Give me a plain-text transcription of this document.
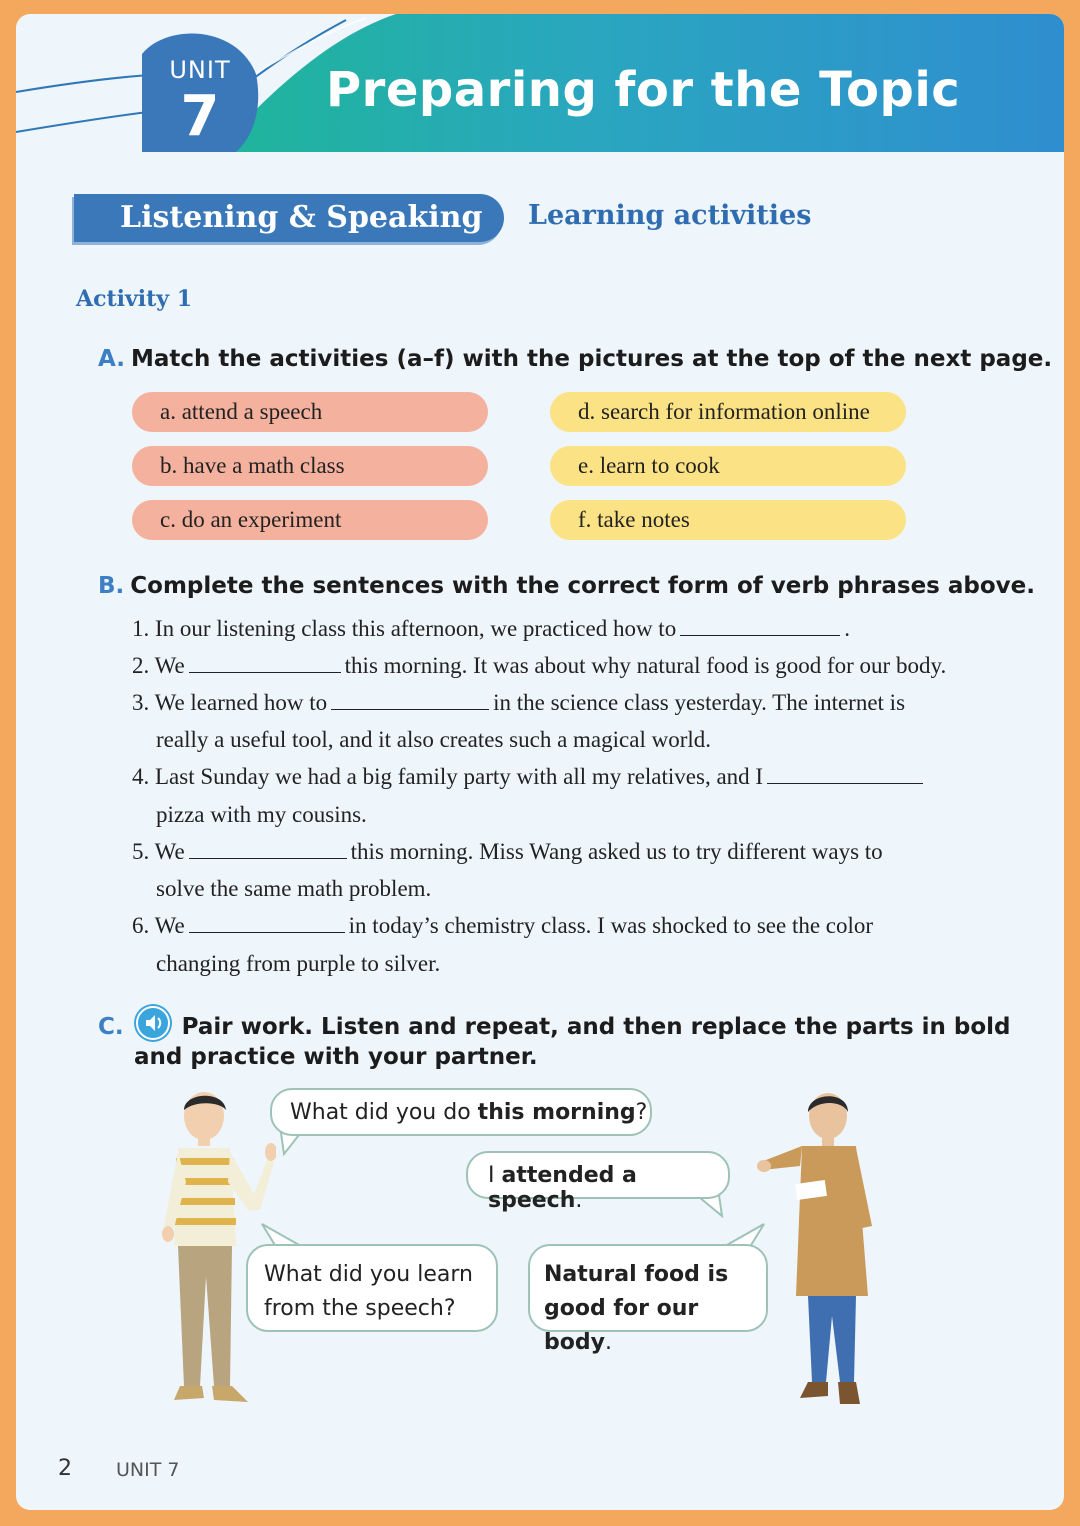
UNIT
7	Preparing for the Topic
Listening & Speaking Learning activities
Activity 1
A. Match the activities (a–f) with the pictures at the top of the next page.
a. attend a speech
b. have a math class
c. do an experiment
d. search for information online
e. learn to cook
f. take notes
B. Complete the sentences with the correct form of verb phrases above.
1. In our listening class this afternoon, we practiced how to	.
2. We	this morning. It was about why natural food is good for our body.
3. We learned how to	in the science class yesterday. The internet is
really a useful tool, and it also creates such a magical world.
4. Last Sunday we had a big family party with all my relatives, and I
pizza with my cousins.
5. We	this morning. Miss Wang asked us to try different ways to
solve the same math problem.
6. We	in today’s chemistry class. I was shocked to see the color
changing from purple to silver.
C.	Pair work. Listen and repeat, and then replace the parts in bold
and practice with your partner.
What did you do this morning?
I attended a speech.
What did you learn
from the speech?
Natural food is
good for our body.
2 UNIT 7
